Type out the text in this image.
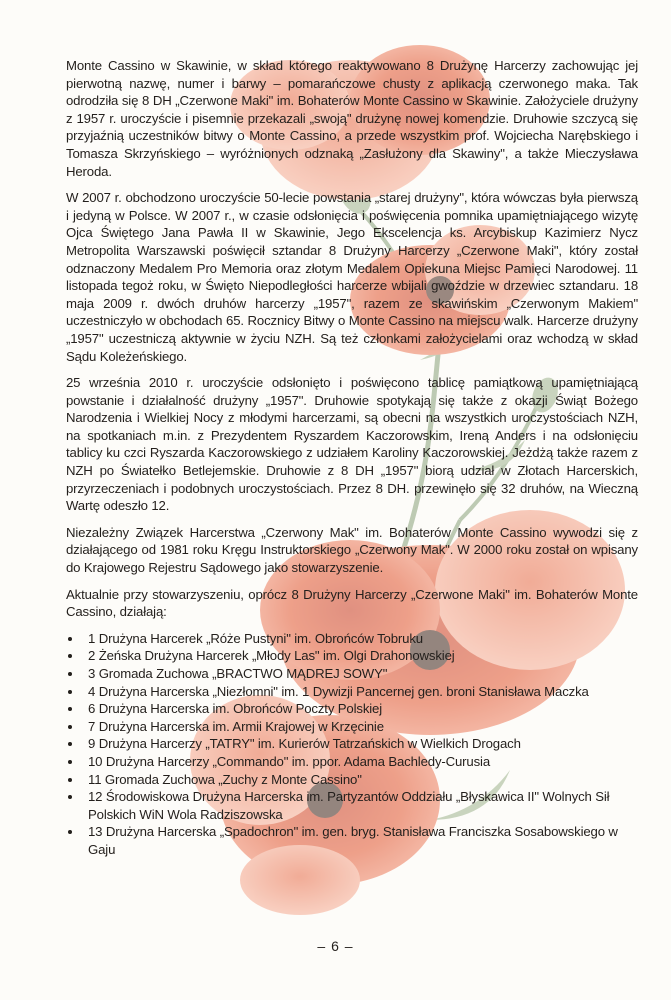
Monte Cassino w Skawinie, w skład którego reaktywowano 8 Drużynę Harcerzy zachowując jej pierwotną nazwę, numer i barwy – pomarańczowe chusty z aplikacją czerwonego maka. Tak odrodziła się 8 DH „Czerwone Maki" im. Bohaterów Monte Cassino w Skawinie. Założyciele drużyny z 1957 r. uroczyście i pisemnie przekazali „swoją" drużynę nowej komendzie. Druhowie szczycą się przyjaźnią uczestników bitwy o Monte Cassino, a przede wszystkim prof. Wojciecha Narębskiego i Tomasza Skrzyńskiego – wyróżnionych odznaką „Zasłużony dla Skawiny", a także Mieczysława Heroda.

W 2007 r. obchodzono uroczyście 50-lecie powstania „starej drużyny", która wówczas była pierwszą i jedyną w Polsce. W 2007 r., w czasie odsłonięcia i poświęcenia pomnika upamiętniającego wizytę Ojca Świętego Jana Pawła II w Skawinie, Jego Ekscelencja ks. Arcybiskup Kazimierz Nycz Metropolita Warszawski poświęcił sztandar 8 Drużyny Harcerzy „Czerwone Maki", który został odznaczony Medalem Pro Memoria oraz złotym Medalem Opiekuna Miejsc Pamięci Narodowej. 11 listopada tegoż roku, w Święto Niepodległości harcerze wbijali gwoździe w drzewiec sztandaru. 18 maja 2009 r. dwóch druhów harcerzy „1957", razem ze skawińskim „Czerwonym Makiem" uczestniczyło w obchodach 65. Rocznicy Bitwy o Monte Cassino na miejscu walk. Harcerze drużyny „1957" uczestniczą aktywnie w życiu NZH. Są też członkami założycielami oraz wchodzą w skład Sądu Koleżeńskiego.

25 września 2010 r. uroczyście odsłonięto i poświęcono tablicę pamiątkową upamiętniającą powstanie i działalność drużyny „1957". Druhowie spotykają się także z okazji Świąt Bożego Narodzenia i Wielkiej Nocy z młodymi harcerzami, są obecni na wszystkich uroczystościach NZH, na spotkaniach m.in. z Prezydentem Ryszardem Kaczorowskim, Ireną Anders i na odsłonięciu tablicy ku czci Ryszarda Kaczorowskiego z udziałem Karoliny Kaczorowskiej. Jeżdżą także razem z NZH po Światełko Betlejemskie. Druhowie z 8 DH „1957" biorą udział w Złotach Harcerskich, przyrzeczeniach i podobnych uroczystościach. Przez 8 DH. przewinęło się 32 druhów, na Wieczną Wartę odeszło 12.

Niezależny Związek Harcerstwa „Czerwony Mak" im. Bohaterów Monte Cassino wywodzi się z działającego od 1981 roku Kręgu Instruktorskiego „Czerwony Mak". W 2000 roku został on wpisany do Krajowego Rejestru Sądowego jako stowarzyszenie.

Aktualnie przy stowarzyszeniu, oprócz 8 Drużyny Harcerzy „Czerwone Maki" im. Bohaterów Monte Cassino, działają:

1 Drużyna Harcerek „Róże Pustyni" im. Obrońców Tobruku
2 Żeńska Drużyna Harcerek „Młody Las" im. Olgi Drahonowskiej
3 Gromada Zuchowa „BRACTWO MĄDREJ SOWY"
4 Drużyna Harcerska „Niezłomni" im. 1 Dywizji Pancernej gen. broni Stanisława Maczka
6 Drużyna Harcerska im. Obrońców Poczty Polskiej
7 Drużyna Harcerska im. Armii Krajowej w Krzęcinie
9 Drużyna Harcerzy „TATRY" im. Kurierów Tatrzańskich w Wielkich Drogach
10 Drużyna Harcerzy „Commando" im. ppor. Adama Bachledy-Curusia
11 Gromada Zuchowa „Zuchy z Monte Cassino"
12 Środowiskowa Drużyna Harcerska im. Partyzantów Oddziału „Błyskawica II" Wolnych Sił Polskich WiN Wola Radziszowska
13 Drużyna Harcerska „Spadochron" im. gen. bryg. Stanisława Franciszka Sosabowskiego w Gaju
– 6 –
